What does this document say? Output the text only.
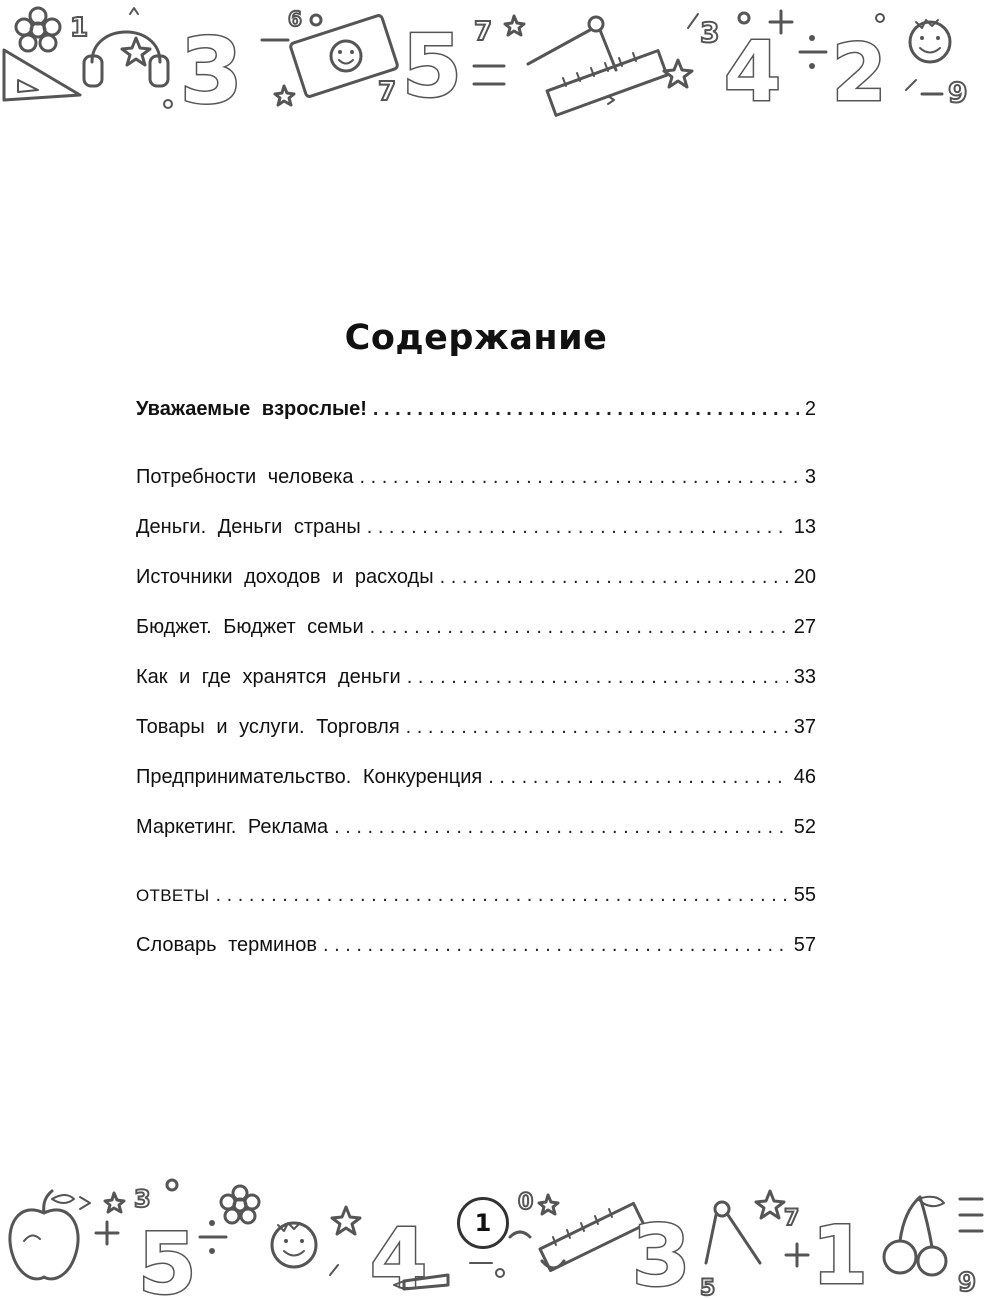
1 3 6
7 5 7	3 4 2 9
Содержание
Уважаемые взрослые! . . .	2
Потребности человека . . .	3
Деньги. Деньги страны . . .	13
Источники доходов и расходы . . .	20
Бюджет. Бюджет семьи . . .	27
Как и где хранятся деньги . . .	33
Товары и услуги. Торговля . . .	37
Предпринимательство. Конкуренция . . .	46
Маркетинг. Реклама . . .	52
ОТВЕТЫ . . .	55
Словарь терминов . . .	57
3
5 4
0
3 5
7 1	9
1
